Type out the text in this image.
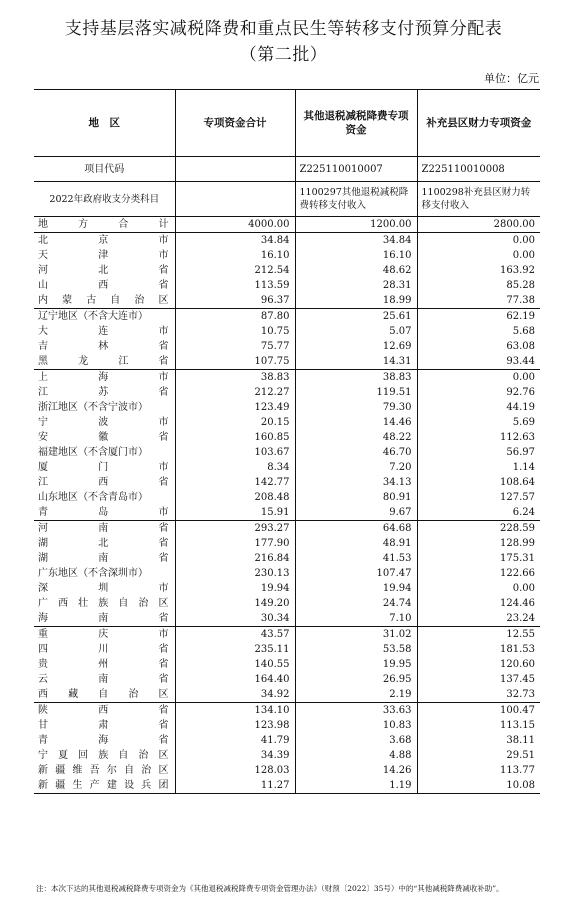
支持基层落实减税降费和重点民生等转移支付预算分配表
（第二批）
单位：亿元
地　区	专项资金合计	其他退税减税降费专项资金	补充县区财力专项资金
项目代码		Z225110010007	Z225110010008
2022年政府收支分类科目		1100297其他退税减税降费转移支付收入	1100298补充县区财力转移支付收入
地方合计	4000.00	1200.00	2800.00
北京市	34.84	34.84	0.00
天津市	16.10	16.10	0.00
河北省	212.54	48.62	163.92
山西省	113.59	28.31	85.28
内蒙古自治区	96.37	18.99	77.38
辽宁地区（不含大连市）	87.80	25.61	62.19
大连市	10.75	5.07	5.68
吉林省	75.77	12.69	63.08
黑龙江省	107.75	14.31	93.44
上海市	38.83	38.83	0.00
江苏省	212.27	119.51	92.76
浙江地区（不含宁波市）	123.49	79.30	44.19
宁波市	20.15	14.46	5.69
安徽省	160.85	48.22	112.63
福建地区（不含厦门市）	103.67	46.70	56.97
厦门市	8.34	7.20	1.14
江西省	142.77	34.13	108.64
山东地区（不含青岛市）	208.48	80.91	127.57
青岛市	15.91	9.67	6.24
河南省	293.27	64.68	228.59
湖北省	177.90	48.91	128.99
湖南省	216.84	41.53	175.31
广东地区（不含深圳市）	230.13	107.47	122.66
深圳市	19.94	19.94	0.00
广西壮族自治区	149.20	24.74	124.46
海南省	30.34	7.10	23.24
重庆市	43.57	31.02	12.55
四川省	235.11	53.58	181.53
贵州省	140.55	19.95	120.60
云南省	164.40	26.95	137.45
西藏自治区	34.92	2.19	32.73
陕西省	134.10	33.63	100.47
甘肃省	123.98	10.83	113.15
青海省	41.79	3.68	38.11
宁夏回族自治区	34.39	4.88	29.51
新疆维吾尔自治区	128.03	14.26	113.77
新疆生产建设兵团	11.27	1.19	10.08
注：本次下达的其他退税减税降费专项资金为《其他退税减税降费专项资金管理办法》（财预〔2022〕35号）中的“其他减税降费减收补助”。
